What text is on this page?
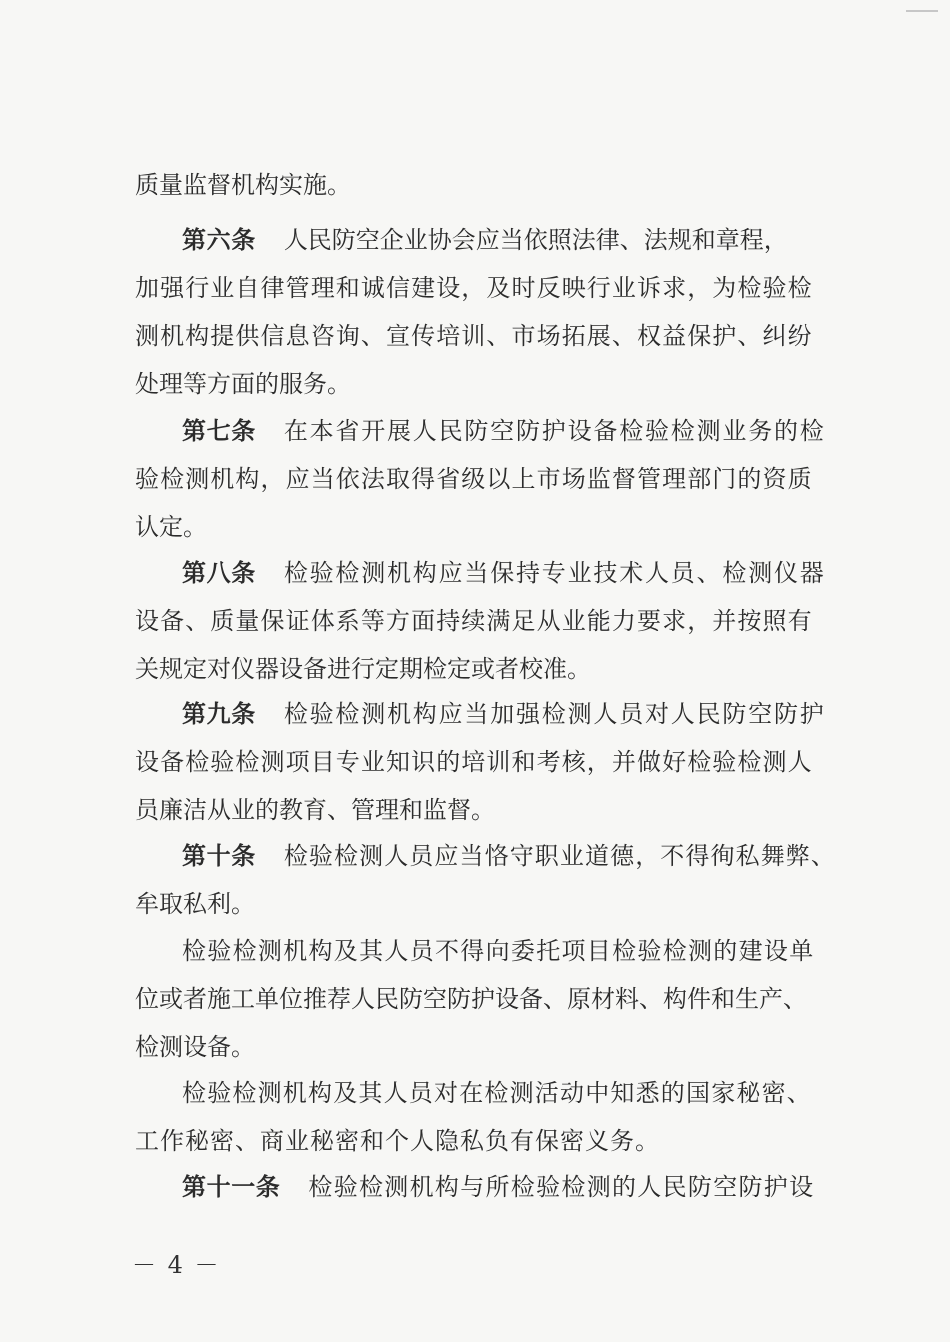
质量监督机构实施。
第六条 人民防空企业协会应当依照法律、法规和章程，
加强行业自律管理和诚信建设，及时反映行业诉求，为检验检
测机构提供信息咨询、宣传培训、市场拓展、权益保护、纠纷
处理等方面的服务。
第七条 在本省开展人民防空防护设备检验检测业务的检
验检测机构，应当依法取得省级以上市场监督管理部门的资质
认定。
第八条 检验检测机构应当保持专业技术人员、检测仪器
设备、质量保证体系等方面持续满足从业能力要求，并按照有
关规定对仪器设备进行定期检定或者校准。
第九条 检验检测机构应当加强检测人员对人民防空防护
设备检验检测项目专业知识的培训和考核，并做好检验检测人
员廉洁从业的教育、管理和监督。
第十条 检验检测人员应当恪守职业道德，不得徇私舞弊、
牟取私利。
检验检测机构及其人员不得向委托项目检验检测的建设单
位或者施工单位推荐人民防空防护设备、原材料、构件和生产、
检测设备。
检验检测机构及其人员对在检测活动中知悉的国家秘密、
工作秘密、商业秘密和个人隐私负有保密义务。
第十一条 检验检测机构与所检验检测的人民防空防护设
－ 4 －
